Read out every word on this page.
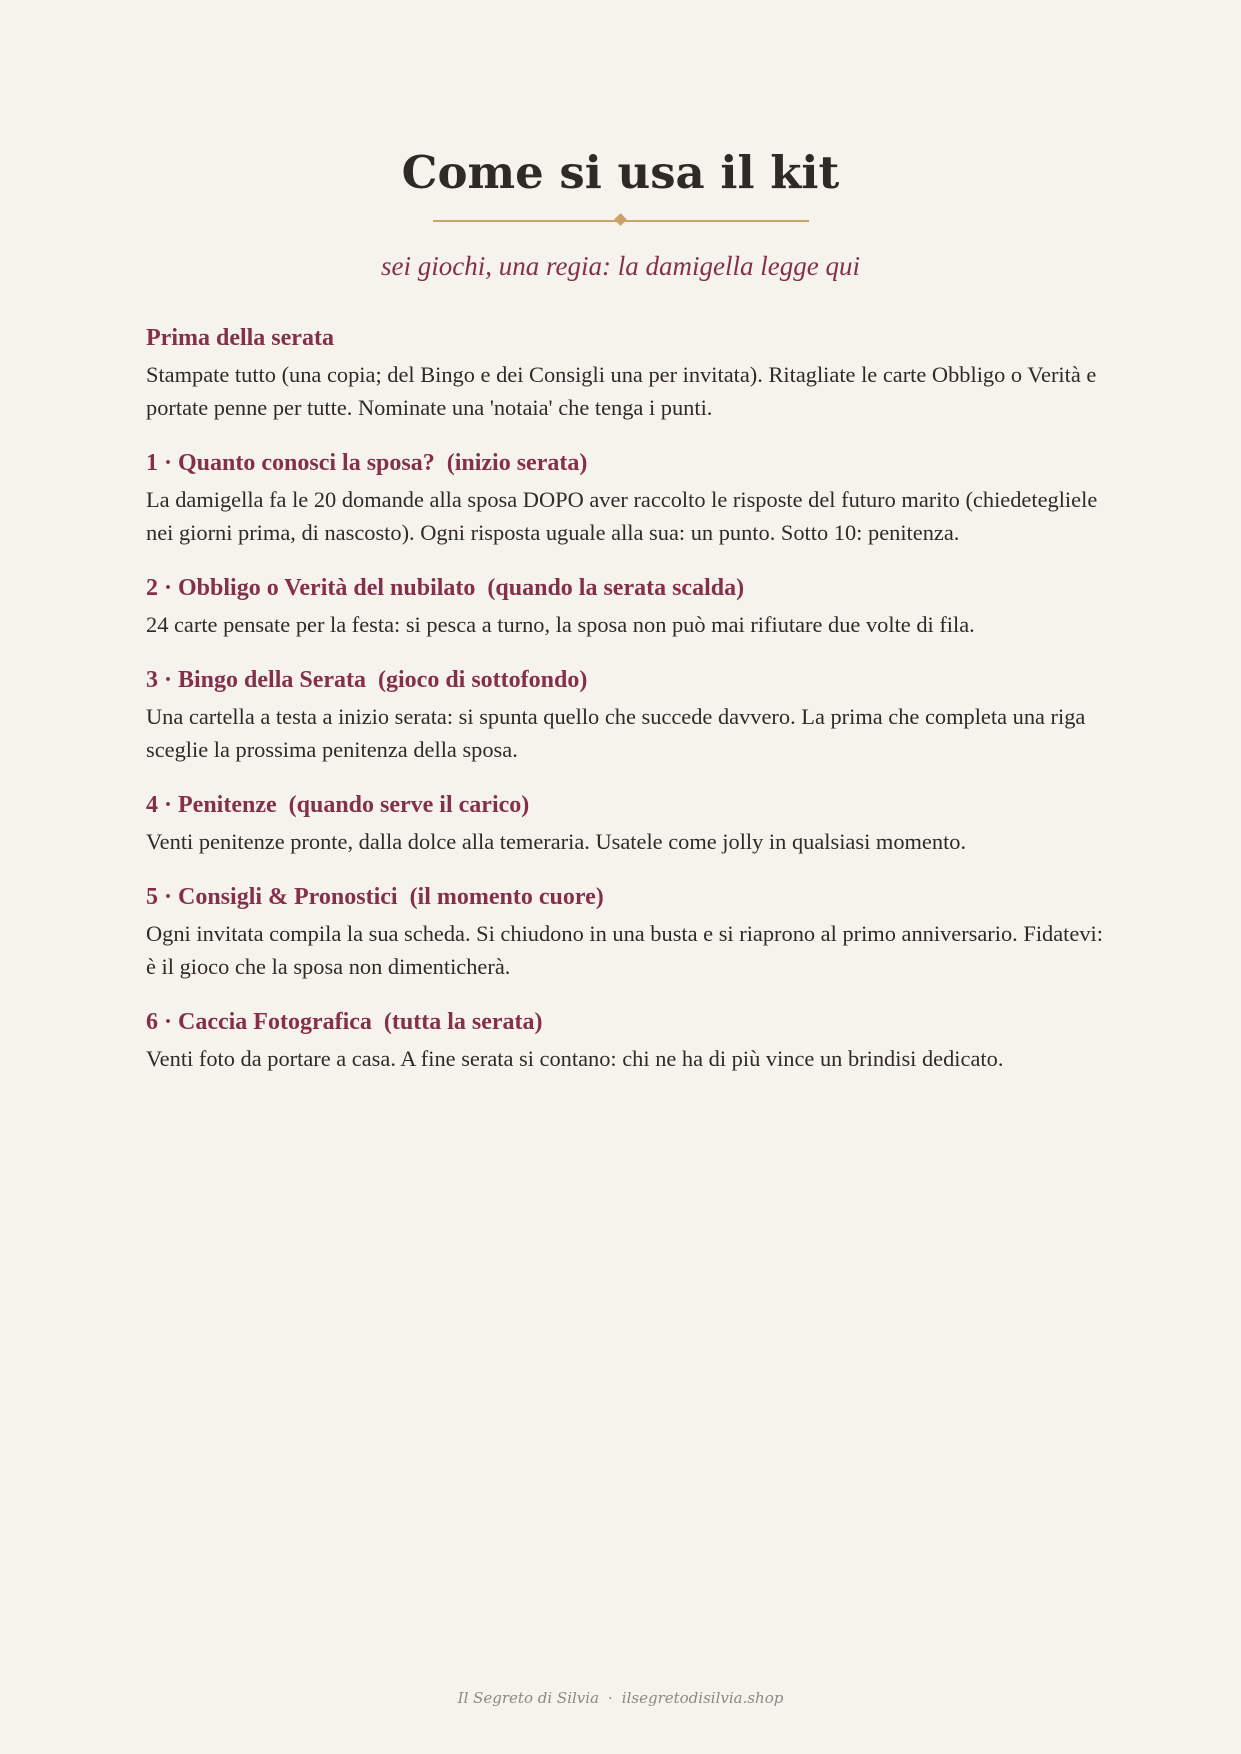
Come si usa il kit
sei giochi, una regia: la damigella legge qui
Prima della serata
Stampate tutto (una copia; del Bingo e dei Consigli una per invitata). Ritagliate le carte Obbligo o Verità e portate penne per tutte. Nominate una 'notaia' che tenga i punti.
1 · Quanto conosci la sposa?  (inizio serata)
La damigella fa le 20 domande alla sposa DOPO aver raccolto le risposte del futuro marito (chiedetegliele nei giorni prima, di nascosto). Ogni risposta uguale alla sua: un punto. Sotto 10: penitenza.
2 · Obbligo o Verità del nubilato  (quando la serata scalda)
24 carte pensate per la festa: si pesca a turno, la sposa non può mai rifiutare due volte di fila.
3 · Bingo della Serata  (gioco di sottofondo)
Una cartella a testa a inizio serata: si spunta quello che succede davvero. La prima che completa una riga sceglie la prossima penitenza della sposa.
4 · Penitenze  (quando serve il carico)
Venti penitenze pronte, dalla dolce alla temeraria. Usatele come jolly in qualsiasi momento.
5 · Consigli & Pronostici  (il momento cuore)
Ogni invitata compila la sua scheda. Si chiudono in una busta e si riaprono al primo anniversario. Fidatevi: è il gioco che la sposa non dimenticherà.
6 · Caccia Fotografica  (tutta la serata)
Venti foto da portare a casa. A fine serata si contano: chi ne ha di più vince un brindisi dedicato.
Il Segreto di Silvia · ilsegretodisilvia.shop
